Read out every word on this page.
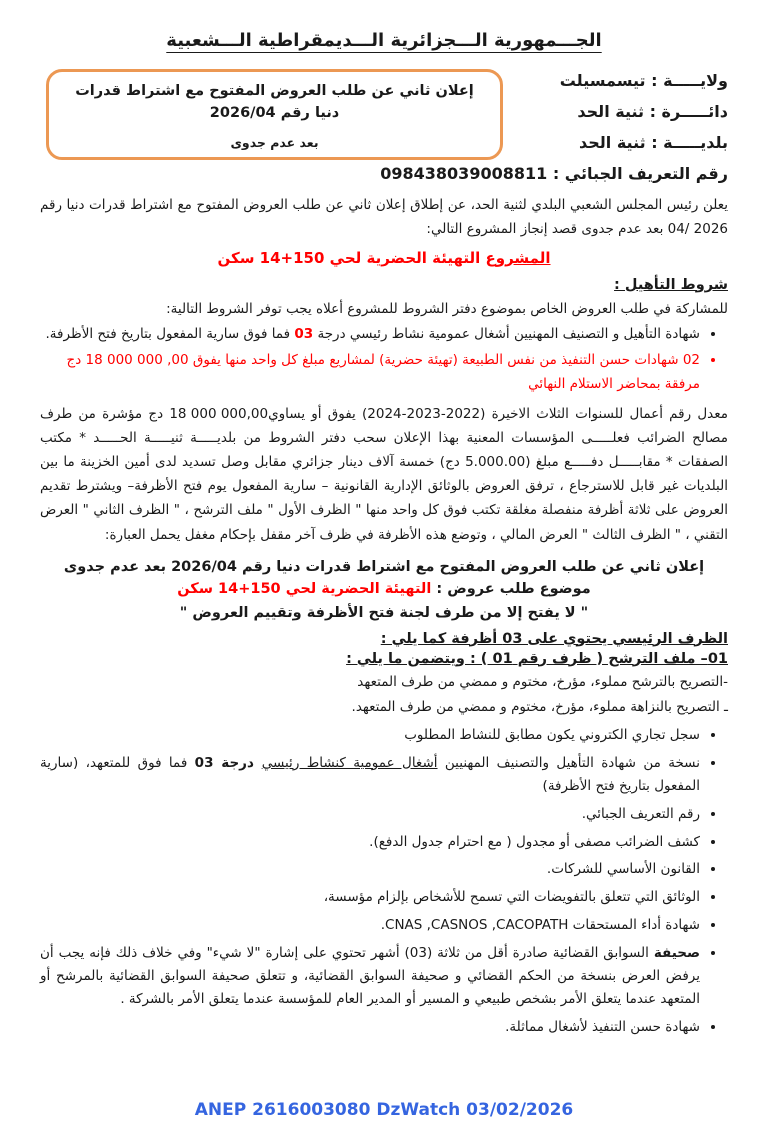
الجـــمهورية الـــجزائرية الـــديمقراطية الـــشعبية
ولايـــــة : تيسمسيلت
دائـــــرة : ثنية الحد
بلديـــــة : ثنية الحد
إعلان ثاني عن طلب العروض المفتوح مع اشتراط قدرات دنيا رقم 2026/04
بعد عدم جدوى
رقم التعريف الجبائي : 098438039008811

يعلن رئيس المجلس الشعبي البلدي لثنية الحد، عن إطلاق إعلان ثاني عن طلب العروض المفتوح مع اشتراط قدرات دنيا رقم 04/ 2026 بعد عدم جدوى قصد إنجاز المشروع التالي:

المشروع التهيئة الحضرية لحي 14+150 سكن
شروط التأهيل :

للمشاركة في طلب العروض الخاص بموضوع دفتر الشروط للمشروع أعلاه يجب توفر الشروط التالية:

• شهادة التأهيل و التصنيف المهنيين أشغال عمومية نشاط رئيسي درجة 03 فما فوق سارية المفعول بتاريخ فتح الأظرفة.
• 02 شهادات حسن التنفيذ من نفس الطبيعة (تهيئة حضرية) لمشاريع مبلغ كل واحد منها يفوق 18 000 000 ,00 دج مرفقة بمحاضر الاستلام النهائي

معدل رقم أعمال للسنوات الثلاث الاخيرة (2022-2023-2024) يفوق أو يساوي18 000 000,00 دج مؤشرة من طرف مصالح الضرائب فعلـــــى المؤسسات المعنية بهذا الإعلان سحب دفتر الشروط من بلديـــــة ثنيـــــة الحـــــد * مكتب الصفقات * مقابـــــل دفـــــع مبلغ (5.000.00 دج) خمسة آلاف دينار جزائري مقابل وصل تسديد لدى أمين الخزينة ما بين البلديات غير قابل للاسترجاع ، ترفق العروض بالوثائق الإدارية القانونية – سارية المفعول يوم فتح الأظرفة– ويشترط تقديم العروض على ثلاثة أظرفة منفصلة مغلقة تكتب فوق كل واحد منها " الظرف الأول " ملف الترشح ، " الظرف الثاني " العرض التقني ، " الظرف الثالث " العرض المالي ، وتوضع هذه الأظرفة في ظرف آخر مقفل بإحكام مغفل يحمل العبارة:

إعلان ثاني عن طلب العروض المفتوح مع اشتراط قدرات دنيا رقم 2026/04 بعد عدم جدوى
موضوع طلب عروض : التهيئة الحضرية لحي 14+150 سكن
" لا يفتح إلا من طرف لجنة فتح الأظرفة وتقييم العروض "
الظرف الرئيسي يحتوي على 03 أظرفة كما يلي :
01– ملف الترشح ( ظرف رقم 01 ) : ويتضمن ما يلي :
-التصريح بالترشح مملوء، مؤرخ، مختوم و ممضي من طرف المتعهد
ـ التصريح بالنزاهة مملوء، مؤرخ، مختوم و ممضي من طرف المتعهد.
• سجل تجاري الكتروني يكون مطابق للنشاط المطلوب
• نسخة من شهادة التأهيل والتصنيف المهنيين أشغال عمومية كنشاط رئيسي درجة 03 فما فوق للمتعهد، (سارية المفعول بتاريخ فتح الأظرفة)
• رقم التعريف الجبائي.
• كشف الضرائب مصفى أو مجدول ( مع احترام جدول الدفع).
• القانون الأساسي للشركات.
• الوثائق التي تتعلق بالتفويضات التي تسمح للأشخاص بإلزام مؤسسة،
• شهادة أداء المستحقات CNAS ,CASNOS ,CACOPATH.
• صحيفة السوابق القضائية صادرة أقل من ثلاثة (03) أشهر تحتوي على إشارة "لا شيء" وفي خلاف ذلك فإنه يجب أن يرفض العرض بنسخة من الحكم القضائي و صحيفة السوابق القضائية، و تتعلق صحيفة السوابق القضائية بالمرشح أو المتعهد عندما يتعلق الأمر بشخص طبيعي و المسير أو المدير العام للمؤسسة عندما يتعلق الأمر بالشركة .
• شهادة حسن التنفيذ لأشغال مماثلة.
ANEP 2616003080 DzWatch 03/02/2026
